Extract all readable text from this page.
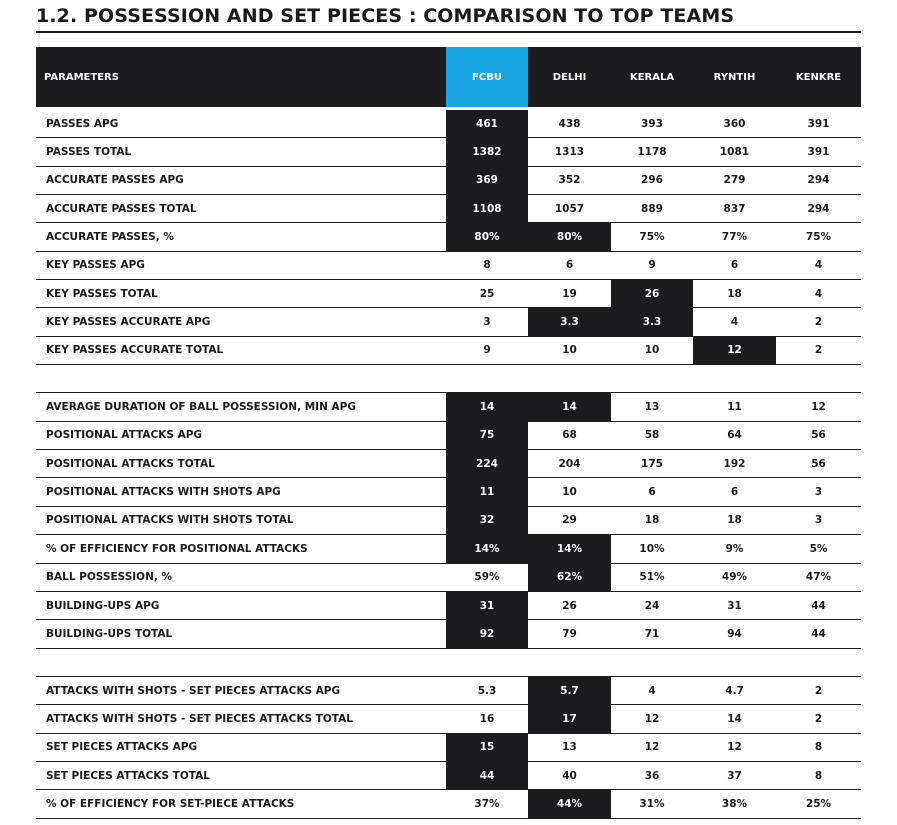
1.2. POSSESSION AND SET PIECES : COMPARISON TO TOP TEAMS
PARAMETERS	FCBU	DELHI	KERALA	RYNTIH	KENKRE
PASSES APG	461	438	393	360	391
PASSES TOTAL	1382	1313	1178	1081	391
ACCURATE PASSES APG	369	352	296	279	294
ACCURATE PASSES TOTAL	1108	1057	889	837	294
ACCURATE PASSES, %	80%	80%	75%	77%	75%
KEY PASSES APG	8	6	9	6	4
KEY PASSES TOTAL	25	19	26	18	4
KEY PASSES ACCURATE APG	3	3.3	3.3	4	2
KEY PASSES ACCURATE TOTAL	9	10	10	12	2
AVERAGE DURATION OF BALL POSSESSION, MIN APG	14	14	13	11	12
POSITIONAL ATTACKS APG	75	68	58	64	56
POSITIONAL ATTACKS TOTAL	224	204	175	192	56
POSITIONAL ATTACKS WITH SHOTS APG	11	10	6	6	3
POSITIONAL ATTACKS WITH SHOTS TOTAL	32	29	18	18	3
% OF EFFICIENCY FOR POSITIONAL ATTACKS	14%	14%	10%	9%	5%
BALL POSSESSION, %	59%	62%	51%	49%	47%
BUILDING-UPS APG	31	26	24	31	44
BUILDING-UPS TOTAL	92	79	71	94	44
ATTACKS WITH SHOTS - SET PIECES ATTACKS APG	5.3	5.7	4	4.7	2
ATTACKS WITH SHOTS - SET PIECES ATTACKS TOTAL	16	17	12	14	2
SET PIECES ATTACKS APG	15	13	12	12	8
SET PIECES ATTACKS TOTAL	44	40	36	37	8
% OF EFFICIENCY FOR SET-PIECE ATTACKS	37%	44%	31%	38%	25%
